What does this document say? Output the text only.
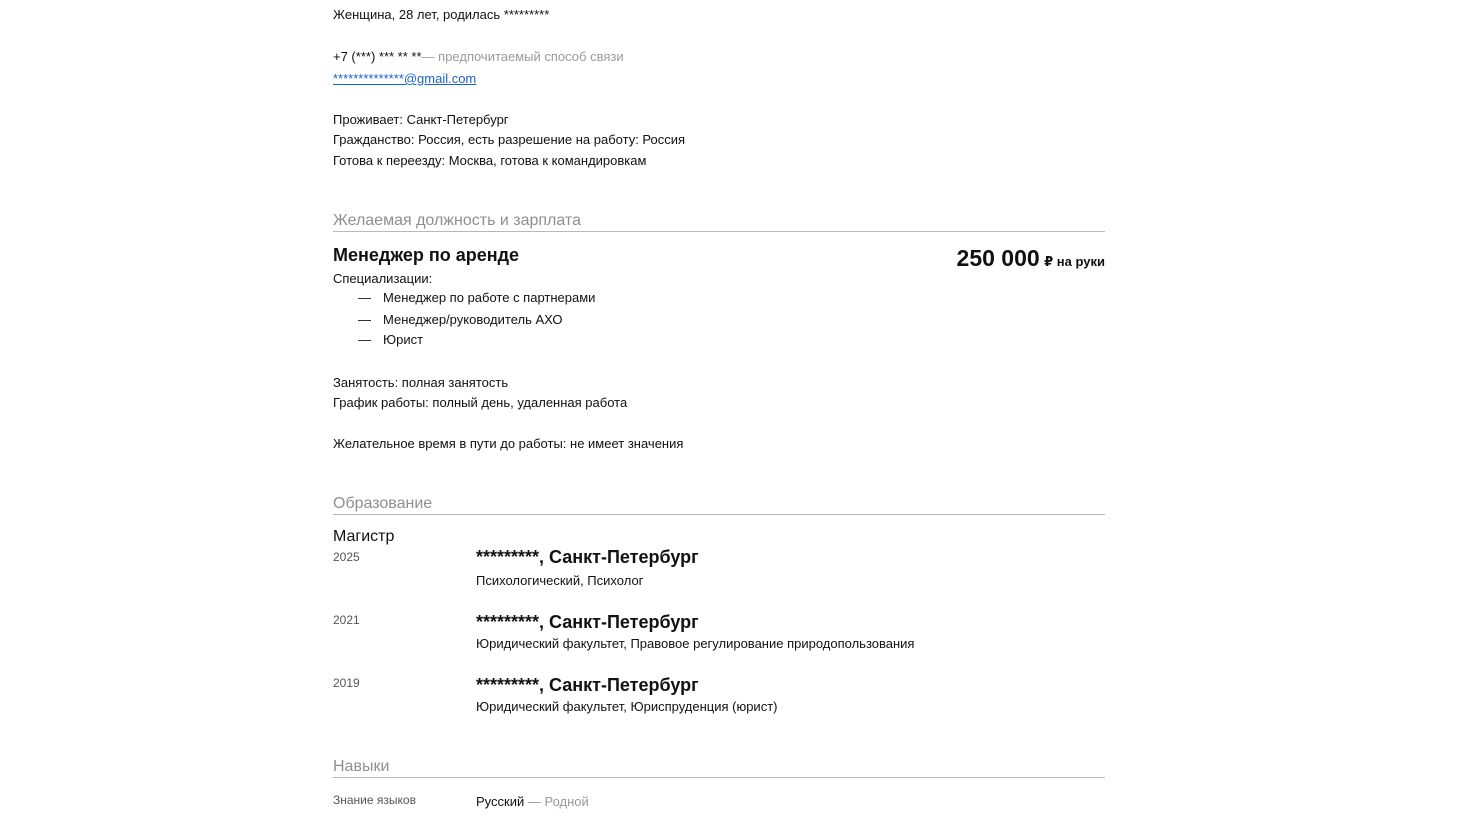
Женщина, 28 лет, родилась *********
+7 (***) *** ** **— предпочитаемый способ связи
**************@gmail.com
Проживает: Санкт-Петербург
Гражданство: Россия, есть разрешение на работу: Россия
Готова к переезду: Москва, готова к командировкам
Желаемая должность и зарплата
Менеджер по аренде	250 000 ₽ на руки
Специализации:
— Менеджер по работе с партнерами
— Менеджер/руководитель АХО
— Юрист
Занятость: полная занятость
График работы: полный день, удаленная работа
Желательное время в пути до работы: не имеет значения
Образование
Магистр
2025	*********, Санкт-Петербург
Психологический, Психолог
2021	*********, Санкт-Петербург
Юридический факультет, Правовое регулирование природопользования
2019	*********, Санкт-Петербург
Юридический факультет, Юриспруденция (юрист)
Навыки
Знание языков	Русский — Родной
